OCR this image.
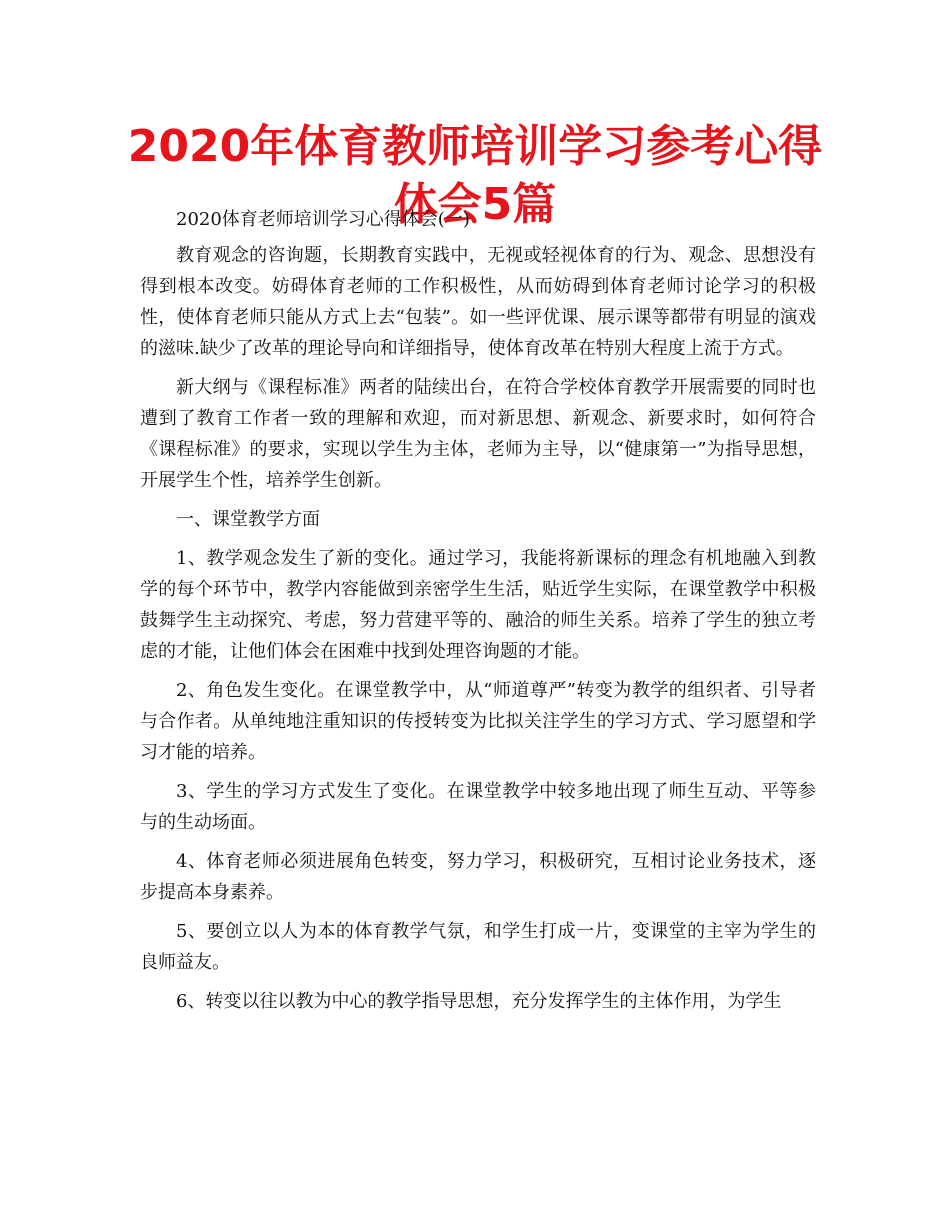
2020年体育教师培训学习参考心得体会5篇

2020体育老师培训学习心得体会(一)

教育观念的咨询题，长期教育实践中，无视或轻视体育的行为、观念、思想没有得到根本改变。妨碍体育老师的工作积极性，从而妨碍到体育老师讨论学习的积极性，使体育老师只能从方式上去“包装”。如一些评优课、展示课等都带有明显的演戏的滋味.缺少了改革的理论导向和详细指导，使体育改革在特别大程度上流于方式。

新大纲与《课程标准》两者的陆续出台，在符合学校体育教学开展需要的同时也遭到了教育工作者一致的理解和欢迎，而对新思想、新观念、新要求时，如何符合《课程标准》的要求，实现以学生为主体，老师为主导，以“健康第一”为指导思想，开展学生个性，培养学生创新。

一、课堂教学方面

1、教学观念发生了新的变化。通过学习，我能将新课标的理念有机地融入到教学的每个环节中，教学内容能做到亲密学生生活，贴近学生实际，在课堂教学中积极鼓舞学生主动探究、考虑，努力营建平等的、融洽的师生关系。培养了学生的独立考虑的才能，让他们体会在困难中找到处理咨询题的才能。

2、角色发生变化。在课堂教学中，从“师道尊严”转变为教学的组织者、引导者与合作者。从单纯地注重知识的传授转变为比拟关注学生的学习方式、学习愿望和学习才能的培养。

3、学生的学习方式发生了变化。在课堂教学中较多地出现了师生互动、平等参与的生动场面。

4、体育老师必须进展角色转变，努力学习，积极研究，互相讨论业务技术，逐步提高本身素养。

5、要创立以人为本的体育教学气氛，和学生打成一片，变课堂的主宰为学生的良师益友。

6、转变以往以教为中心的教学指导思想，充分发挥学生的主体作用，为学生
